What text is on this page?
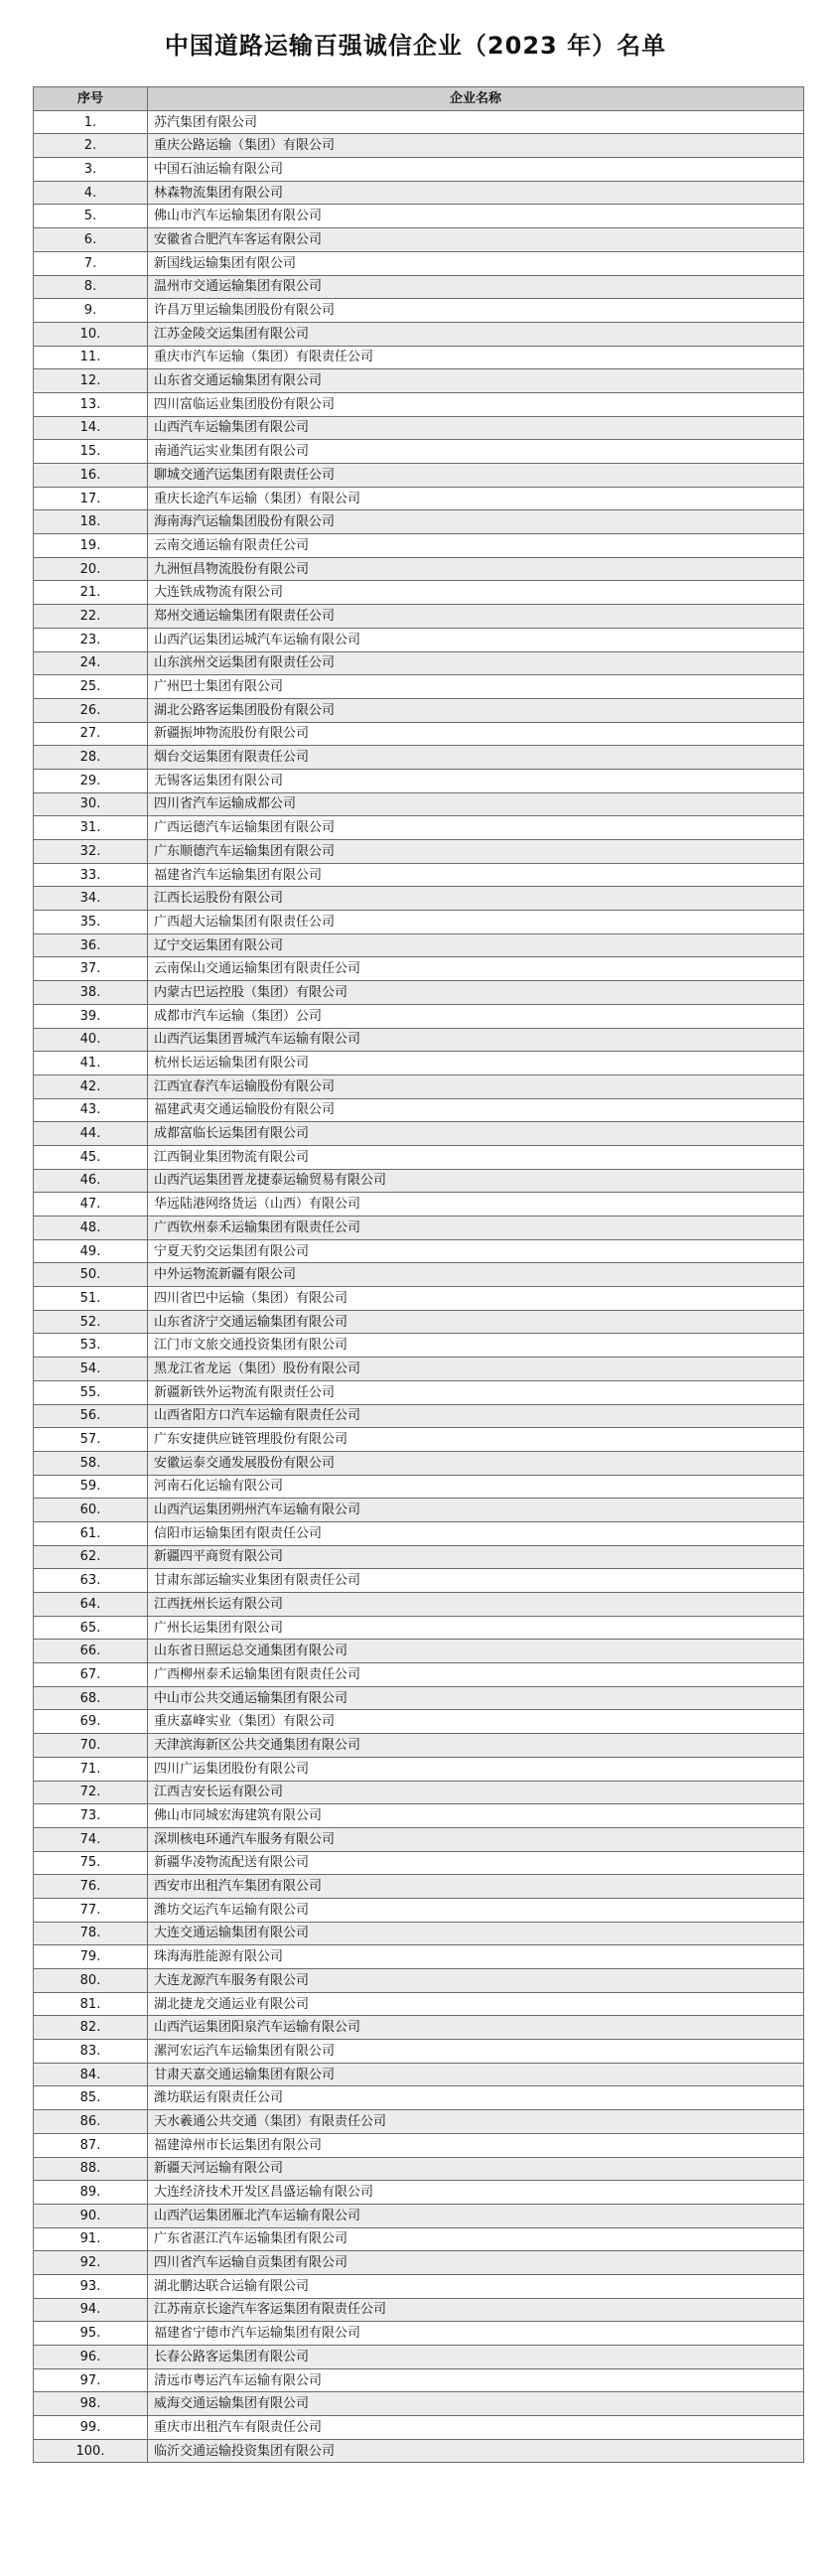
中国道路运输百强诚信企业（2023 年）名单
序号	企业名称
1.	苏汽集团有限公司
2.	重庆公路运输（集团）有限公司
3.	中国石油运输有限公司
4.	林森物流集团有限公司
5.	佛山市汽车运输集团有限公司
6.	安徽省合肥汽车客运有限公司
7.	新国线运输集团有限公司
8.	温州市交通运输集团有限公司
9.	许昌万里运输集团股份有限公司
10.	江苏金陵交运集团有限公司
11.	重庆市汽车运输（集团）有限责任公司
12.	山东省交通运输集团有限公司
13.	四川富临运业集团股份有限公司
14.	山西汽车运输集团有限公司
15.	南通汽运实业集团有限公司
16.	聊城交通汽运集团有限责任公司
17.	重庆长途汽车运输（集团）有限公司
18.	海南海汽运输集团股份有限公司
19.	云南交通运输有限责任公司
20.	九洲恒昌物流股份有限公司
21.	大连铁成物流有限公司
22.	郑州交通运输集团有限责任公司
23.	山西汽运集团运城汽车运输有限公司
24.	山东滨州交运集团有限责任公司
25.	广州巴士集团有限公司
26.	湖北公路客运集团股份有限公司
27.	新疆振坤物流股份有限公司
28.	烟台交运集团有限责任公司
29.	无锡客运集团有限公司
30.	四川省汽车运输成都公司
31.	广西运德汽车运输集团有限公司
32.	广东顺德汽车运输集团有限公司
33.	福建省汽车运输集团有限公司
34.	江西长运股份有限公司
35.	广西超大运输集团有限责任公司
36.	辽宁交运集团有限公司
37.	云南保山交通运输集团有限责任公司
38.	内蒙古巴运控股（集团）有限公司
39.	成都市汽车运输（集团）公司
40.	山西汽运集团晋城汽车运输有限公司
41.	杭州长运运输集团有限公司
42.	江西宜春汽车运输股份有限公司
43.	福建武夷交通运输股份有限公司
44.	成都富临长运集团有限公司
45.	江西铜业集团物流有限公司
46.	山西汽运集团晋龙捷泰运输贸易有限公司
47.	华远陆港网络货运（山西）有限公司
48.	广西钦州泰禾运输集团有限责任公司
49.	宁夏天豹交运集团有限公司
50.	中外运物流新疆有限公司
51.	四川省巴中运输（集团）有限公司
52.	山东省济宁交通运输集团有限公司
53.	江门市文旅交通投资集团有限公司
54.	黑龙江省龙运（集团）股份有限公司
55.	新疆新铁外运物流有限责任公司
56.	山西省阳方口汽车运输有限责任公司
57.	广东安捷供应链管理股份有限公司
58.	安徽运泰交通发展股份有限公司
59.	河南石化运输有限公司
60.	山西汽运集团朔州汽车运输有限公司
61.	信阳市运输集团有限责任公司
62.	新疆四平商贸有限公司
63.	甘肃东部运输实业集团有限责任公司
64.	江西抚州长运有限公司
65.	广州长运集团有限公司
66.	山东省日照运总交通集团有限公司
67.	广西柳州泰禾运输集团有限责任公司
68.	中山市公共交通运输集团有限公司
69.	重庆嘉峰实业（集团）有限公司
70.	天津滨海新区公共交通集团有限公司
71.	四川广运集团股份有限公司
72.	江西吉安长运有限公司
73.	佛山市同城宏海建筑有限公司
74.	深圳核电环通汽车服务有限公司
75.	新疆华凌物流配送有限公司
76.	西安市出租汽车集团有限公司
77.	潍坊交运汽车运输有限公司
78.	大连交通运输集团有限公司
79.	珠海海胜能源有限公司
80.	大连龙源汽车服务有限公司
81.	湖北捷龙交通运业有限公司
82.	山西汽运集团阳泉汽车运输有限公司
83.	漯河宏运汽车运输集团有限公司
84.	甘肃天嘉交通运输集团有限公司
85.	潍坊联运有限责任公司
86.	天水羲通公共交通（集团）有限责任公司
87.	福建漳州市长运集团有限公司
88.	新疆天河运输有限公司
89.	大连经济技术开发区昌盛运输有限公司
90.	山西汽运集团雁北汽车运输有限公司
91.	广东省湛江汽车运输集团有限公司
92.	四川省汽车运输自贡集团有限公司
93.	湖北鹏达联合运输有限公司
94.	江苏南京长途汽车客运集团有限责任公司
95.	福建省宁德市汽车运输集团有限公司
96.	长春公路客运集团有限公司
97.	清远市粤运汽车运输有限公司
98.	威海交通运输集团有限公司
99.	重庆市出租汽车有限责任公司
100.	临沂交通运输投资集团有限公司
